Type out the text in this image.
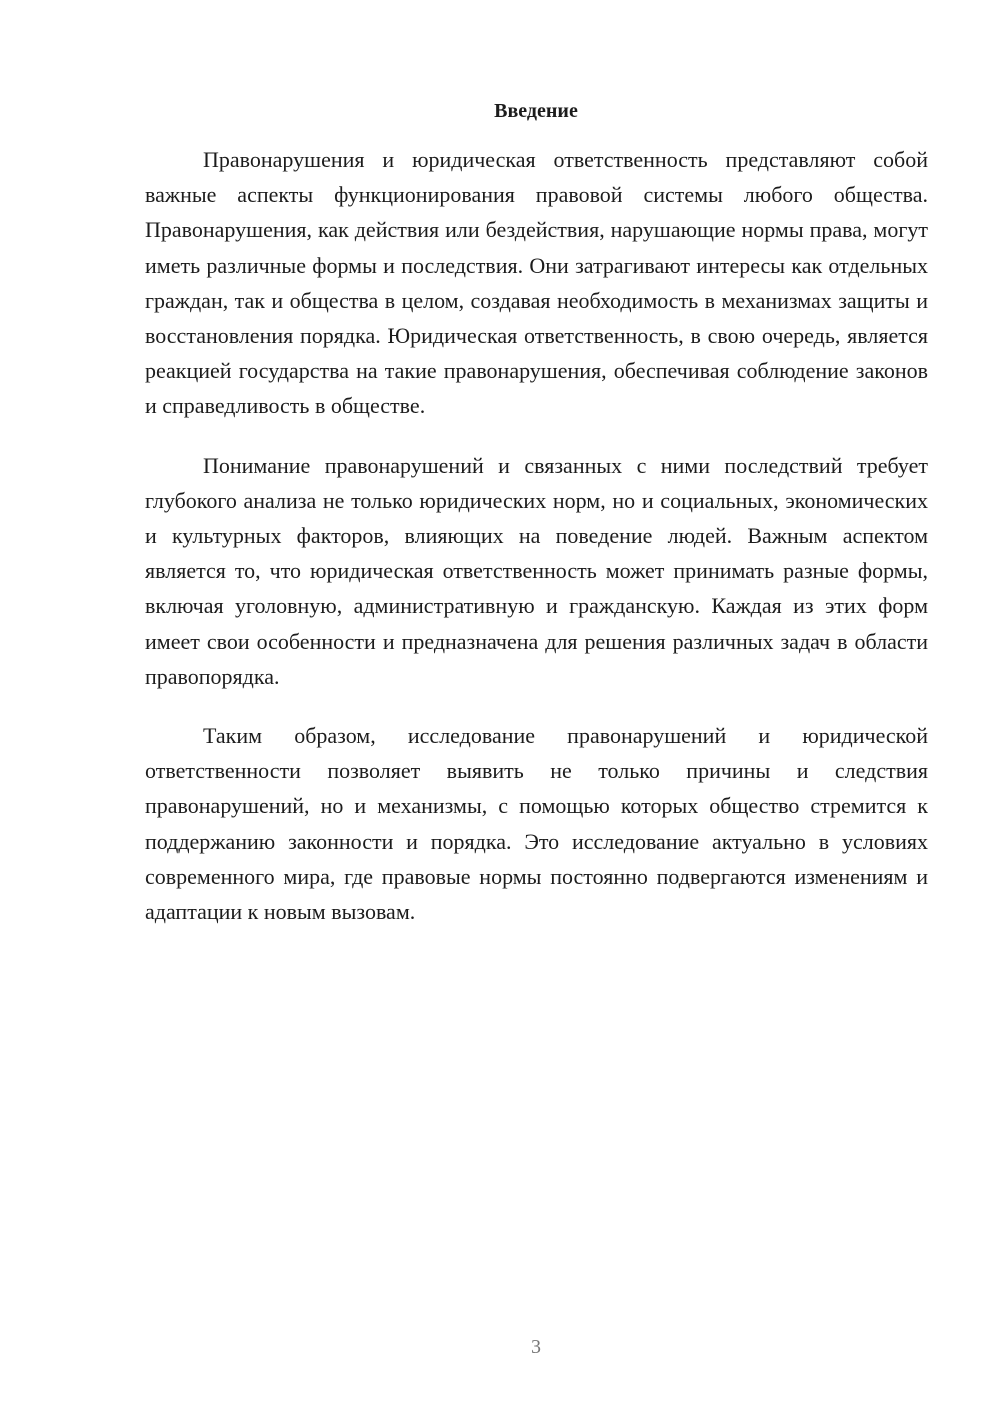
Введение

Правонарушения и юридическая ответственность представляют собой важные аспекты функционирования правовой системы любого общества. Правонарушения, как действия или бездействия, нарушающие нормы права, могут иметь различные формы и последствия. Они затрагивают интересы как отдельных граждан, так и общества в целом, создавая необходимость в механизмах защиты и восстановления порядка. Юридическая ответственность, в свою очередь, является реакцией государства на такие правонарушения, обеспечивая соблюдение законов и справедливость в обществе.

Понимание правонарушений и связанных с ними последствий требует глубокого анализа не только юридических норм, но и социальных, экономических и культурных факторов, влияющих на поведение людей. Важным аспектом является то, что юридическая ответственность может принимать разные формы, включая уголовную, административную и гражданскую. Каждая из этих форм имеет свои особенности и предназначена для решения различных задач в области правопорядка.

Таким образом, исследование правонарушений и юридической ответственности позволяет выявить не только причины и следствия правонарушений, но и механизмы, с помощью которых общество стремится к поддержанию законности и порядка. Это исследование актуально в условиях современного мира, где правовые нормы постоянно подвергаются изменениям и адаптации к новым вызовам.

3
